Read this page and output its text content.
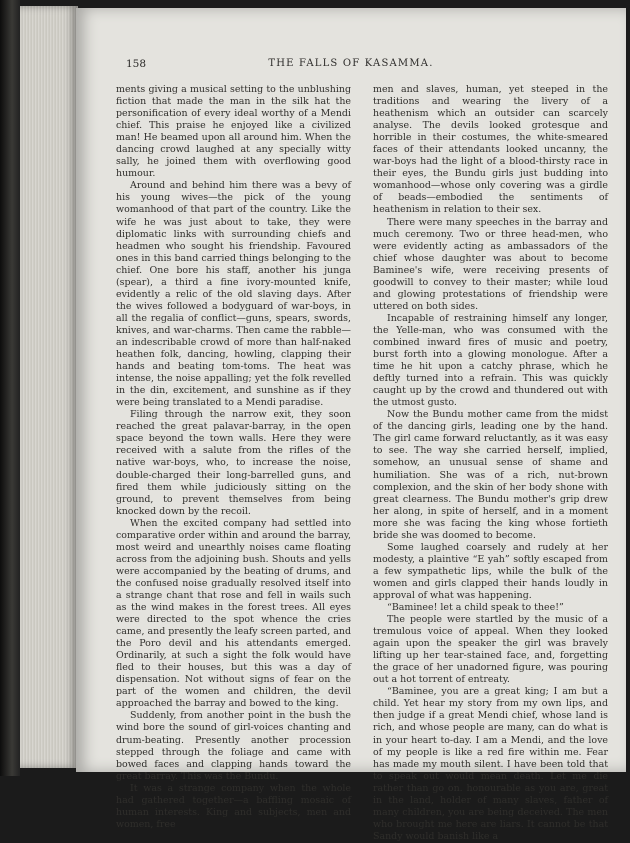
158	THE FALLS OF KASAMMA.

ments giving a musical setting to the unblushing fiction that made the man in the silk hat the personification of every ideal worthy of a Mendi chief. This praise he enjoyed like a civilized man! He beamed upon all around him. When the dancing crowd laughed at any specially witty sally, he joined them with overflowing good humour.

Around and behind him there was a bevy of his young wives—the pick of the young womanhood of that part of the country. Like the wife he was just about to take, they were diplomatic links with surrounding chiefs and headmen who sought his friendship. Favoured ones in this band carried things belonging to the chief. One bore his staff, another his junga (spear), a third a fine ivory-mounted knife, evidently a relic of the old slaving days. After the wives followed a bodyguard of war-boys, in all the regalia of conflict—guns, spears, swords, knives, and war-charms. Then came the rabble—an indescribable crowd of more than half-naked heathen folk, dancing, howling, clapping their hands and beating tom-toms. The heat was intense, the noise appalling; yet the folk revelled in the din, excitement, and sunshine as if they were being translated to a Mendi paradise.

Filing through the narrow exit, they soon reached the great palavar-barray, in the open space beyond the town walls. Here they were received with a salute from the rifles of the native war-boys, who, to increase the noise, double-charged their long-barrelled guns, and fired them while judiciously sitting on the ground, to prevent themselves from being knocked down by the recoil.

When the excited company had settled into comparative order within and around the barray, most weird and unearthly noises came floating across from the adjoining bush. Shouts and yells were accompanied by the beating of drums, and the confused noise gradually resolved itself into a strange chant that rose and fell in wails such as the wind makes in the forest trees. All eyes were directed to the spot whence the cries came, and presently the leafy screen parted, and the Poro devil and his attendants emerged. Ordinarily, at such a sight the folk would have fled to their houses, but this was a day of dispensation. Not without signs of fear on the part of the women and children, the devil approached the barray and bowed to the king.

Suddenly, from another point in the bush the wind bore the sound of girl-voices chanting and drum-beating. Presently another procession stepped through the foliage and came with bowed faces and clapping hands toward the great barray. This was the Bundu.

It was a strange company when the whole had gathered together—a baffling mosaic of human interests. King and subjects, men and women, free

men and slaves, human, yet steeped in the traditions and wearing the livery of a heathenism which an outsider can scarcely analyse. The devils looked grotesque and horrible in their costumes, the white-smeared faces of their attendants looked uncanny, the war-boys had the light of a blood-thirsty race in their eyes, the Bundu girls just budding into womanhood—whose only covering was a girdle of beads—embodied the sentiments of heathenism in relation to their sex.

There were many speeches in the barray and much ceremony. Two or three head-men, who were evidently acting as ambassadors of the chief whose daughter was about to become Baminee's wife, were receiving presents of goodwill to convey to their master; while loud and glowing protestations of friendship were uttered on both sides.

Incapable of restraining himself any longer, the Yelle-man, who was consumed with the combined inward fires of music and poetry, burst forth into a glowing monologue. After a time he hit upon a catchy phrase, which he deftly turned into a refrain. This was quickly caught up by the crowd and thundered out with the utmost gusto.

Now the Bundu mother came from the midst of the dancing girls, leading one by the hand. The girl came forward reluctantly, as it was easy to see. The way she carried herself, implied, somehow, an unusual sense of shame and humiliation. She was of a rich, nut-brown complexion, and the skin of her body shone with great clearness. The Bundu mother's grip drew her along, in spite of herself, and in a moment more she was facing the king whose fortieth bride she was doomed to become.

Some laughed coarsely and rudely at her modesty, a plaintive “E yah” softly escaped from a few sympathetic lips, while the bulk of the women and girls clapped their hands loudly in approval of what was happening.

“Baminee! let a child speak to thee!”

The people were startled by the music of a tremulous voice of appeal. When they looked again upon the speaker the girl was bravely lifting up her tear-stained face, and, forgetting the grace of her unadorned figure, was pouring out a hot torrent of entreaty.

“Baminee, you are a great king; I am but a child. Yet hear my story from my own lips, and then judge if a great Mendi chief, whose land is rich, and whose people are many, can do what is in your heart to-day. I am a Mendi, and the love of my people is like a red fire within me. Fear has made my mouth silent. I have been told that to speak out would mean death. Let me die rather than go on. honourable as you are, great in the land, holder of many slaves, father of many children, you are being deceived. The men who brought me here are liars. It cannot be that Sandy would banish like a
